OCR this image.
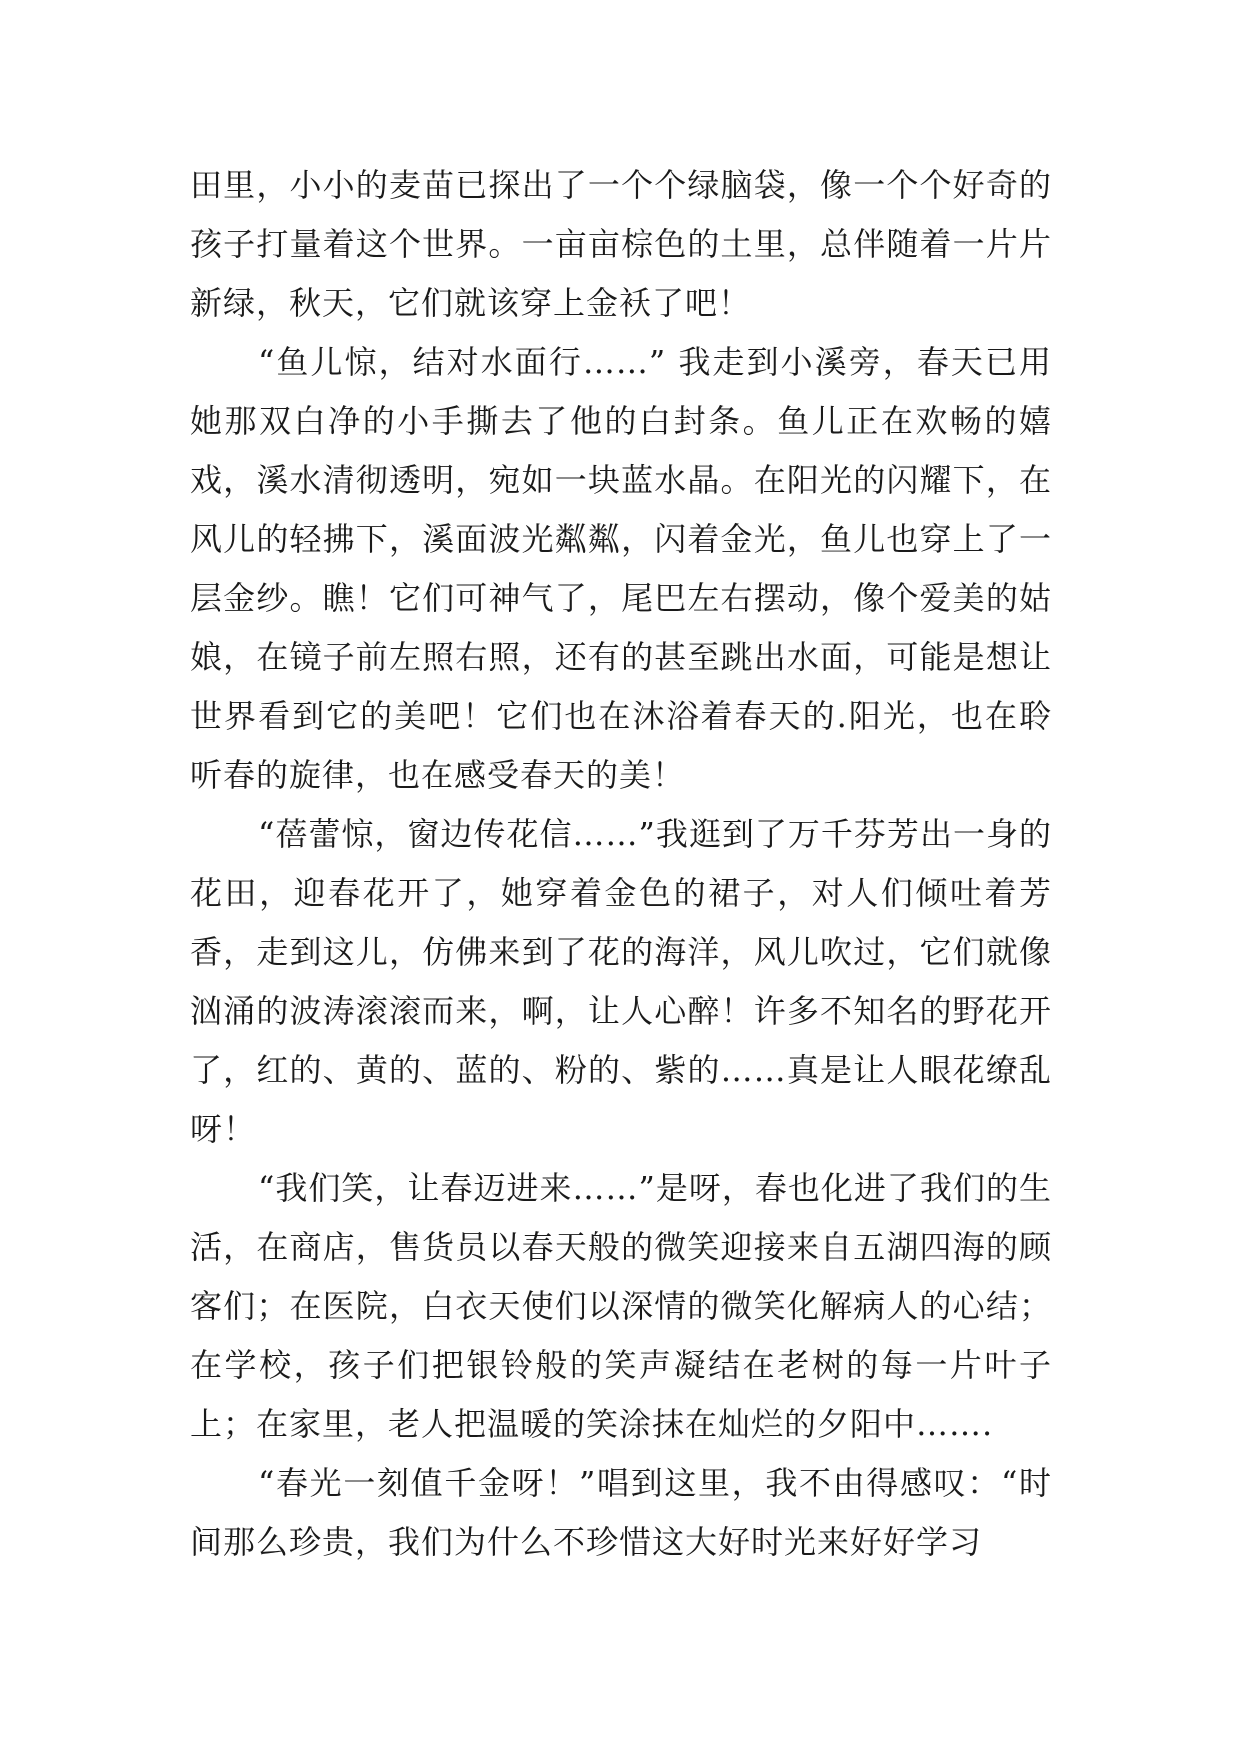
田里，小小的麦苗已探出了一个个绿脑袋，像一个个好奇的孩子打量着这个世界。一亩亩棕色的土里，总伴随着一片片新绿，秋天，它们就该穿上金袄了吧！

“鱼儿惊，结对水面行……” 我走到小溪旁，春天已用她那双白净的小手撕去了他的白封条。鱼儿正在欢畅的嬉戏，溪水清彻透明，宛如一块蓝水晶。在阳光的闪耀下，在风儿的轻拂下，溪面波光粼粼，闪着金光，鱼儿也穿上了一层金纱。瞧！它们可神气了，尾巴左右摆动，像个爱美的姑娘，在镜子前左照右照，还有的甚至跳出水面，可能是想让世界看到它的美吧！它们也在沐浴着春天的.阳光，也在聆听春的旋律，也在感受春天的美！

“蓓蕾惊，窗边传花信……”我逛到了万千芬芳出一身的花田，迎春花开了，她穿着金色的裙子，对人们倾吐着芳香，走到这儿，仿佛来到了花的海洋，风儿吹过，它们就像汹涌的波涛滚滚而来，啊，让人心醉！许多不知名的野花开了，红的、黄的、蓝的、粉的、紫的……真是让人眼花缭乱呀！

“我们笑，让春迈进来……”是呀，春也化进了我们的生活，在商店，售货员以春天般的微笑迎接来自五湖四海的顾客们；在医院，白衣天使们以深情的微笑化解病人的心结；在学校，孩子们把银铃般的笑声凝结在老树的每一片叶子上；在家里，老人把温暖的笑涂抹在灿烂的夕阳中…….

“春光一刻值千金呀！”唱到这里，我不由得感叹：“时间那么珍贵，我们为什么不珍惜这大好时光来好好学习
